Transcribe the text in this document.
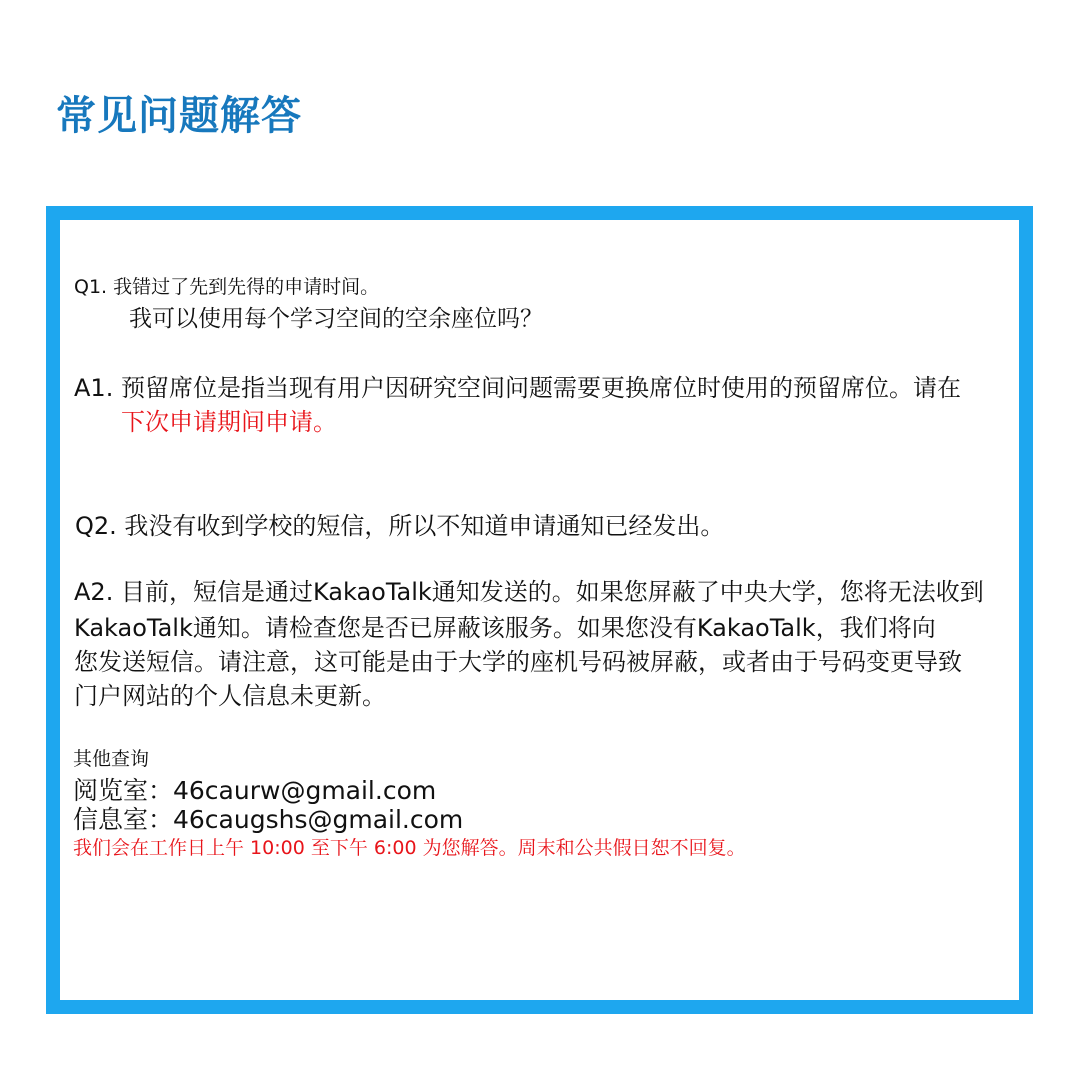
常见问题解答
Q1. 我错过了先到先得的申请时间。
我可以使用每个学习空间的空余座位吗？
A1. 预留席位是指当现有用户因研究空间问题需要更换席位时使用的预留席位。请在
下次申请期间申请。
Q2. 我没有收到学校的短信，所以不知道申请通知已经发出。
A2. 目前，短信是通过KakaoTalk通知发送的。如果您屏蔽了中央大学，您将无法收到
KakaoTalk通知。请检查您是否已屏蔽该服务。如果您没有KakaoTalk，我们将向
您发送短信。请注意，这可能是由于大学的座机号码被屏蔽，或者由于号码变更导致
门户网站的个人信息未更新。
其他查询
阅览室：46caurw@gmail.com
信息室：46caugshs@gmail.com
我们会在工作日上午 10:00 至下午 6:00 为您解答。周末和公共假日恕不回复。
